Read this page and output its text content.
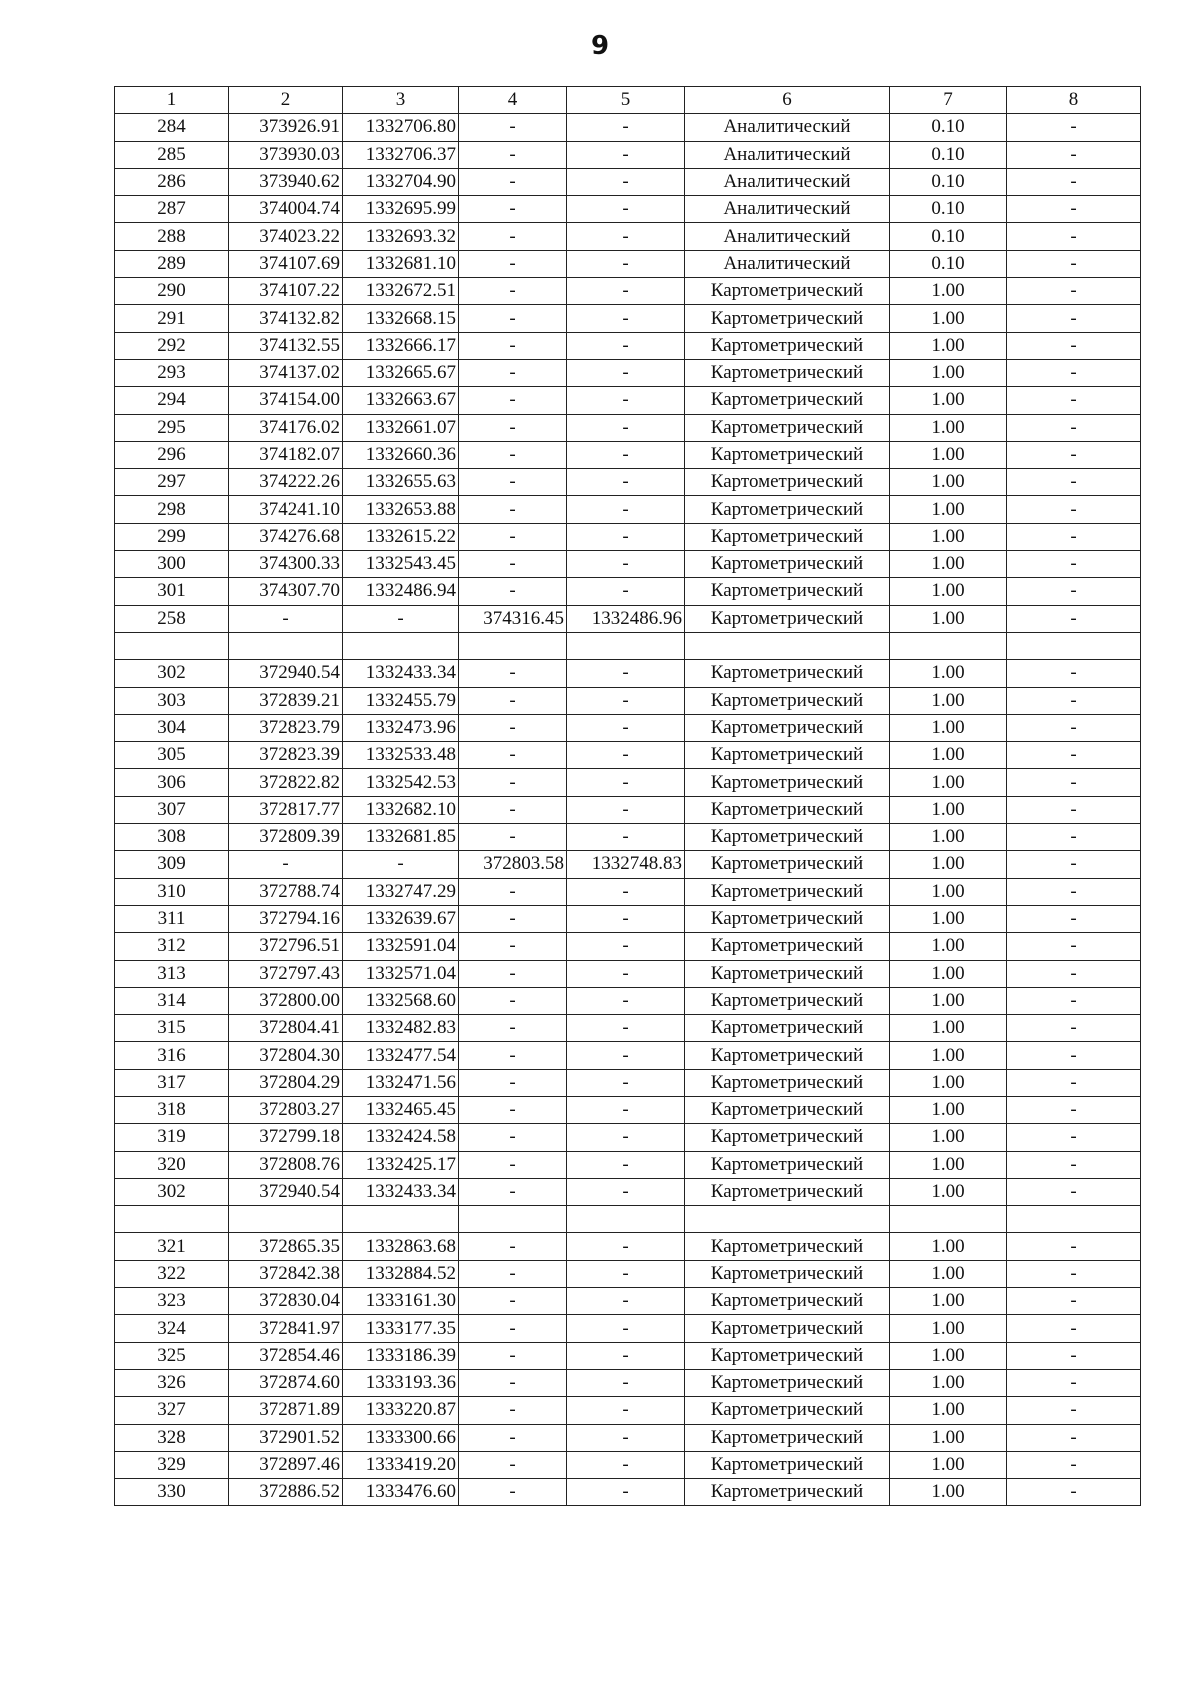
9
1	2	3	4	5	6	7	8
284	373926.91	1332706.80	-	-	Аналитический	0.10	-
285	373930.03	1332706.37	-	-	Аналитический	0.10	-
286	373940.62	1332704.90	-	-	Аналитический	0.10	-
287	374004.74	1332695.99	-	-	Аналитический	0.10	-
288	374023.22	1332693.32	-	-	Аналитический	0.10	-
289	374107.69	1332681.10	-	-	Аналитический	0.10	-
290	374107.22	1332672.51	-	-	Картометрический	1.00	-
291	374132.82	1332668.15	-	-	Картометрический	1.00	-
292	374132.55	1332666.17	-	-	Картометрический	1.00	-
293	374137.02	1332665.67	-	-	Картометрический	1.00	-
294	374154.00	1332663.67	-	-	Картометрический	1.00	-
295	374176.02	1332661.07	-	-	Картометрический	1.00	-
296	374182.07	1332660.36	-	-	Картометрический	1.00	-
297	374222.26	1332655.63	-	-	Картометрический	1.00	-
298	374241.10	1332653.88	-	-	Картометрический	1.00	-
299	374276.68	1332615.22	-	-	Картометрический	1.00	-
300	374300.33	1332543.45	-	-	Картометрический	1.00	-
301	374307.70	1332486.94	-	-	Картометрический	1.00	-
258	-	-	374316.45	1332486.96	Картометрический	1.00	-

302	372940.54	1332433.34	-	-	Картометрический	1.00	-
303	372839.21	1332455.79	-	-	Картометрический	1.00	-
304	372823.79	1332473.96	-	-	Картометрический	1.00	-
305	372823.39	1332533.48	-	-	Картометрический	1.00	-
306	372822.82	1332542.53	-	-	Картометрический	1.00	-
307	372817.77	1332682.10	-	-	Картометрический	1.00	-
308	372809.39	1332681.85	-	-	Картометрический	1.00	-
309	-	-	372803.58	1332748.83	Картометрический	1.00	-
310	372788.74	1332747.29	-	-	Картометрический	1.00	-
311	372794.16	1332639.67	-	-	Картометрический	1.00	-
312	372796.51	1332591.04	-	-	Картометрический	1.00	-
313	372797.43	1332571.04	-	-	Картометрический	1.00	-
314	372800.00	1332568.60	-	-	Картометрический	1.00	-
315	372804.41	1332482.83	-	-	Картометрический	1.00	-
316	372804.30	1332477.54	-	-	Картометрический	1.00	-
317	372804.29	1332471.56	-	-	Картометрический	1.00	-
318	372803.27	1332465.45	-	-	Картометрический	1.00	-
319	372799.18	1332424.58	-	-	Картометрический	1.00	-
320	372808.76	1332425.17	-	-	Картометрический	1.00	-
302	372940.54	1332433.34	-	-	Картометрический	1.00	-

321	372865.35	1332863.68	-	-	Картометрический	1.00	-
322	372842.38	1332884.52	-	-	Картометрический	1.00	-
323	372830.04	1333161.30	-	-	Картометрический	1.00	-
324	372841.97	1333177.35	-	-	Картометрический	1.00	-
325	372854.46	1333186.39	-	-	Картометрический	1.00	-
326	372874.60	1333193.36	-	-	Картометрический	1.00	-
327	372871.89	1333220.87	-	-	Картометрический	1.00	-
328	372901.52	1333300.66	-	-	Картометрический	1.00	-
329	372897.46	1333419.20	-	-	Картометрический	1.00	-
330	372886.52	1333476.60	-	-	Картометрический	1.00	-
